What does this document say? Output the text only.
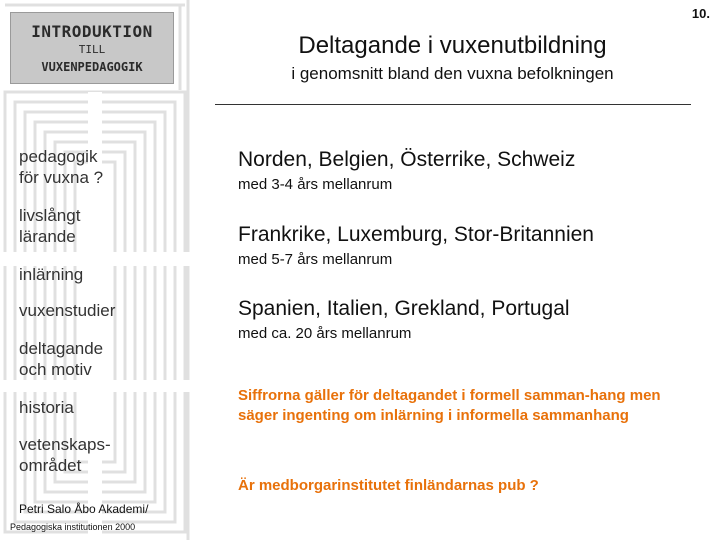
INTRODUKTION
TILL
VUXENPEDAGOGIK
pedagogik
för vuxna ?
livslångt
lärande
inlärning
vuxenstudier
deltagande
och motiv
historia
vetenskaps-
området
Petri Salo Åbo Akademi/
Pedagogiska institutionen 2000
10.
Deltagande i vuxenutbildning
i genomsnitt bland den vuxna befolkningen
Norden, Belgien, Österrike, Schweiz
med 3-4 års mellanrum
Frankrike, Luxemburg, Stor-Britannien
med 5-7 års mellanrum
Spanien, Italien, Grekland, Portugal
med ca. 20 års mellanrum
Siffrorna gäller för deltagandet i formell samman-hang men säger ingenting om inlärning i informella sammanhang
Är medborgarinstitutet finländarnas pub ?
